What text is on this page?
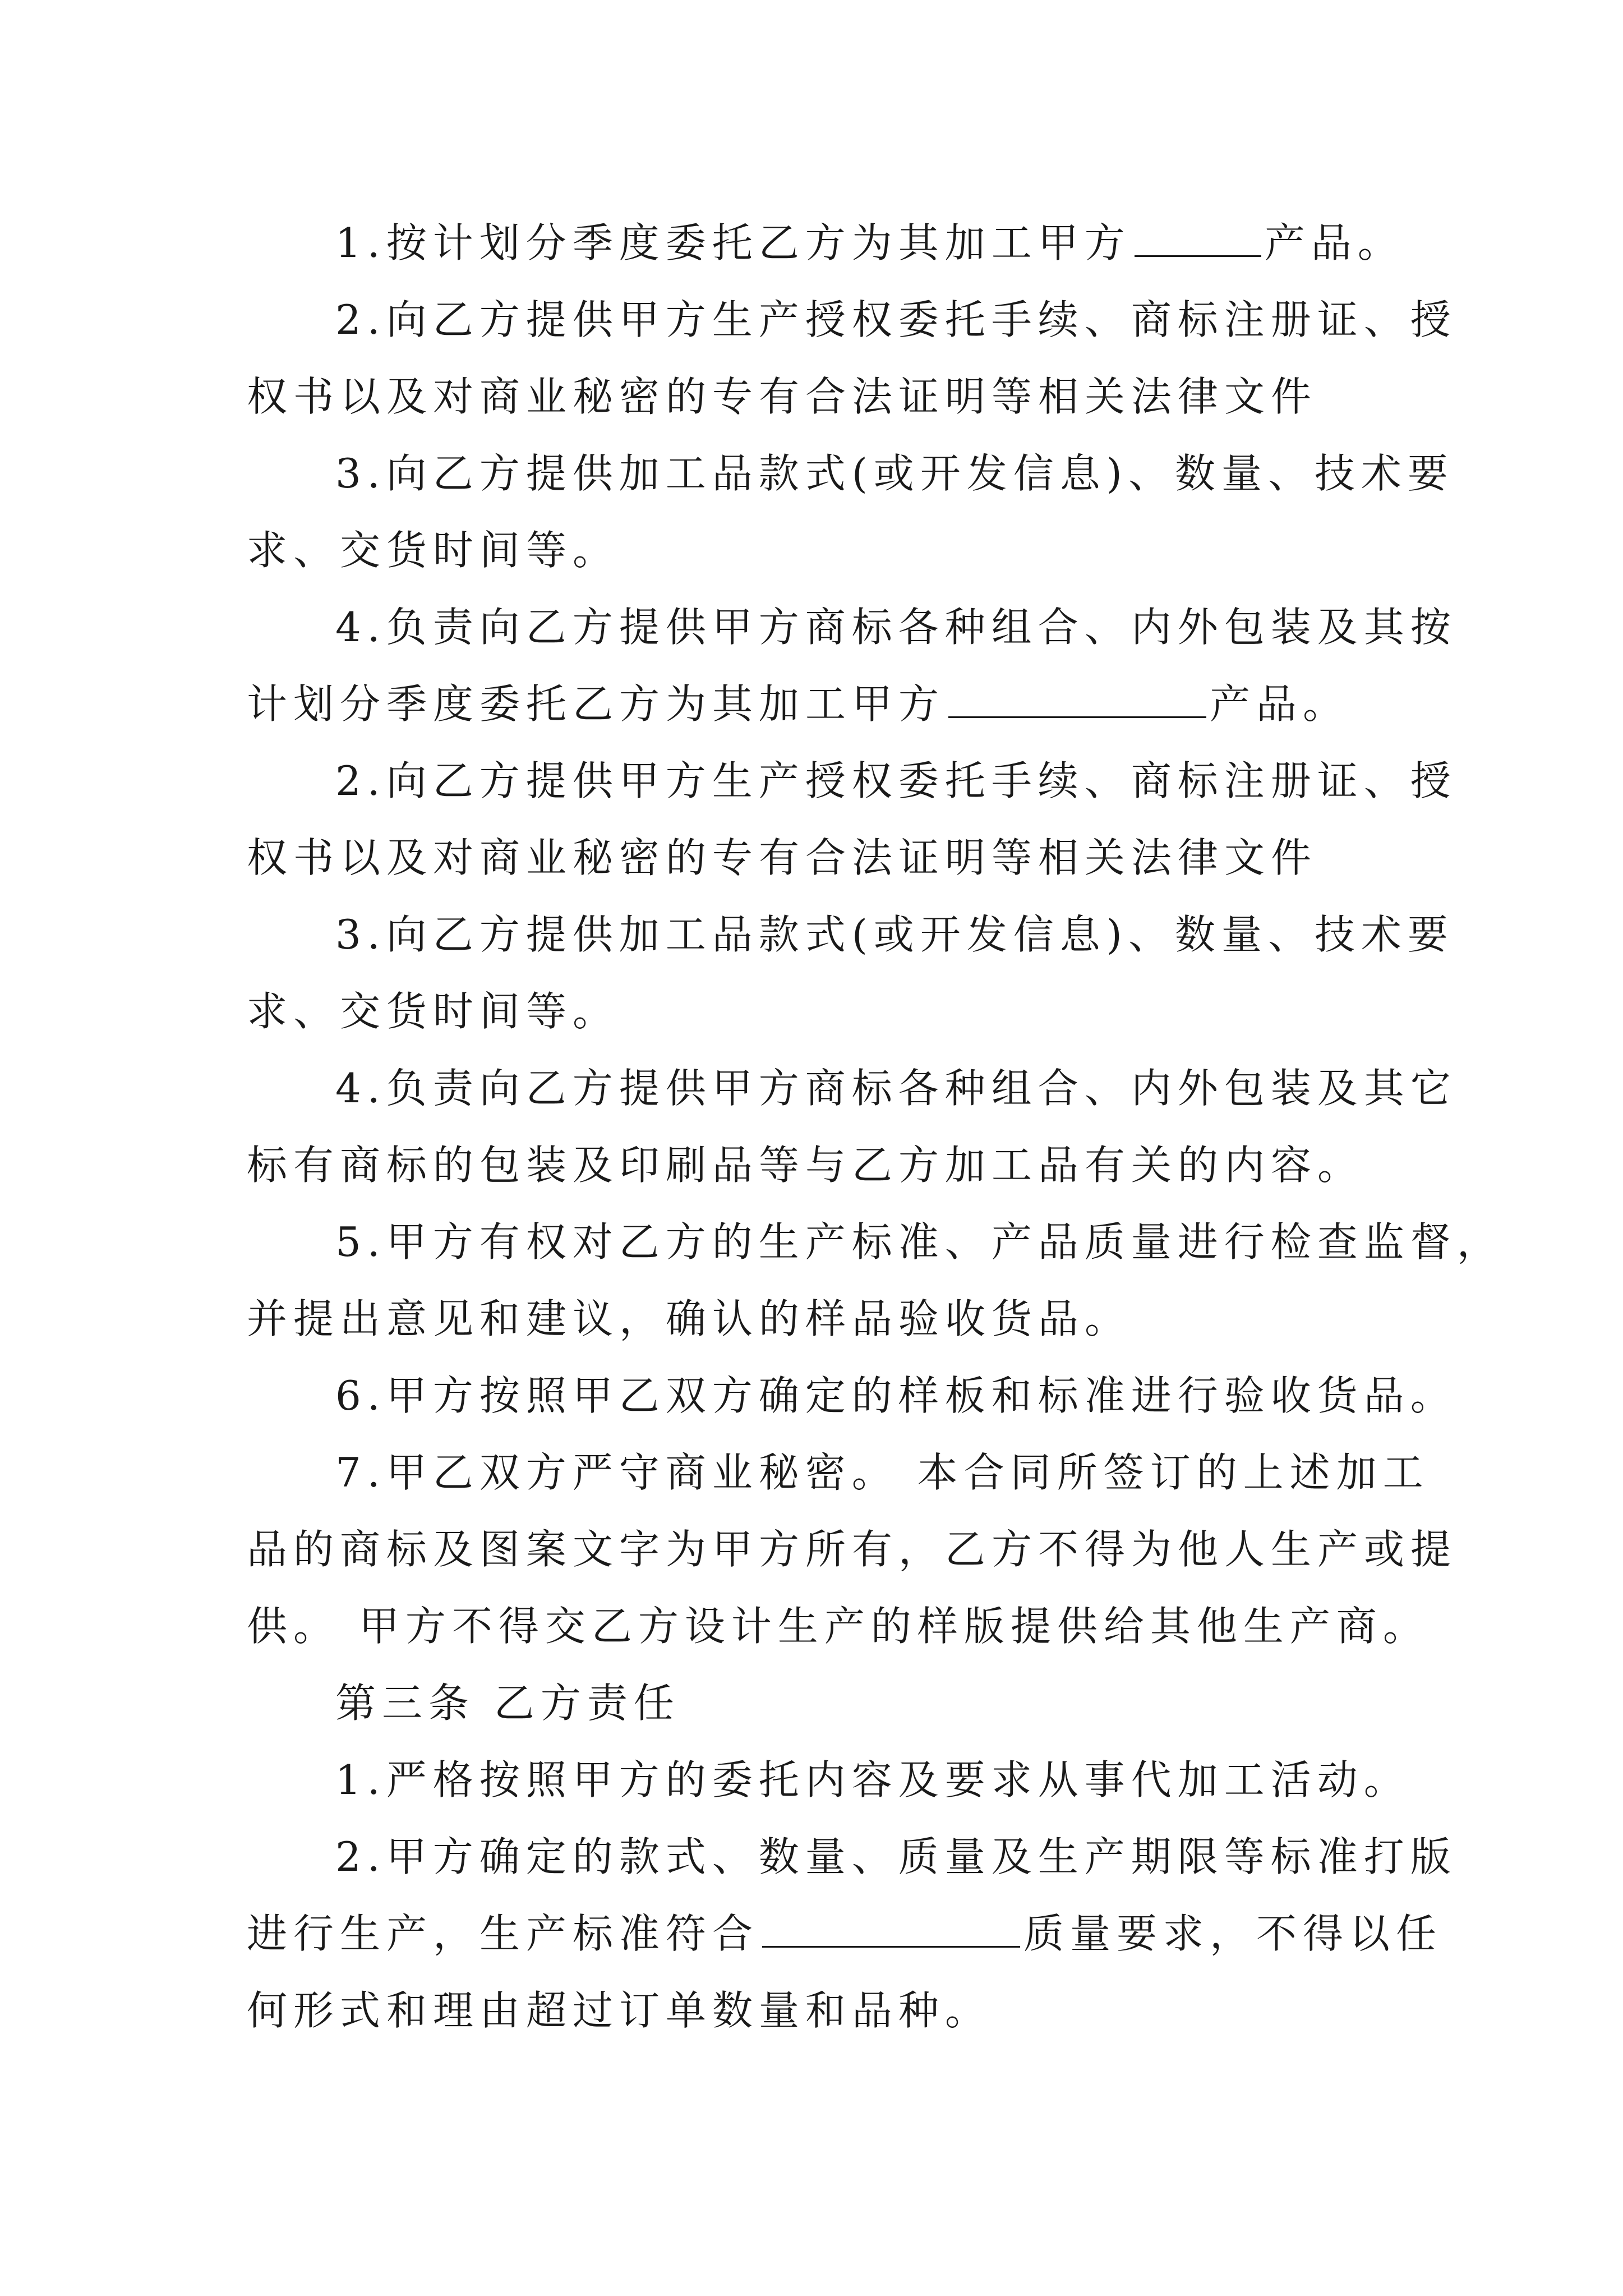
1.按计划分季度委托乙方为其加工甲方	产品。
2.向乙方提供甲方生产授权委托手续、商标注册证、授
权书以及对商业秘密的专有合法证明等相关法律文件
3.向乙方提供加工品款式(或开发信息)、数量、技术要
求、交货时间等。
4.负责向乙方提供甲方商标各种组合、内外包装及其按
计划分季度委托乙方为其加工甲方	产品。
2.向乙方提供甲方生产授权委托手续、商标注册证、授
权书以及对商业秘密的专有合法证明等相关法律文件
3.向乙方提供加工品款式(或开发信息)、数量、技术要
求、交货时间等。
4.负责向乙方提供甲方商标各种组合、内外包装及其它
标有商标的包装及印刷品等与乙方加工品有关的内容。
5.甲方有权对乙方的生产标准、产品质量进行检查监督，
并提出意见和建议，确认的样品验收货品。
6.甲方按照甲乙双方确定的样板和标准进行验收货品。
7.甲乙双方严守商业秘密。 本合同所签订的上述加工
品的商标及图案文字为甲方所有，乙方不得为他人生产或提
供。 甲方不得交乙方设计生产的样版提供给其他生产商。
第三条 乙方责任
1.严格按照甲方的委托内容及要求从事代加工活动。
2.甲方确定的款式、数量、质量及生产期限等标准打版
进行生产，生产标准符合	质量要求，不得以任
何形式和理由超过订单数量和品种。
